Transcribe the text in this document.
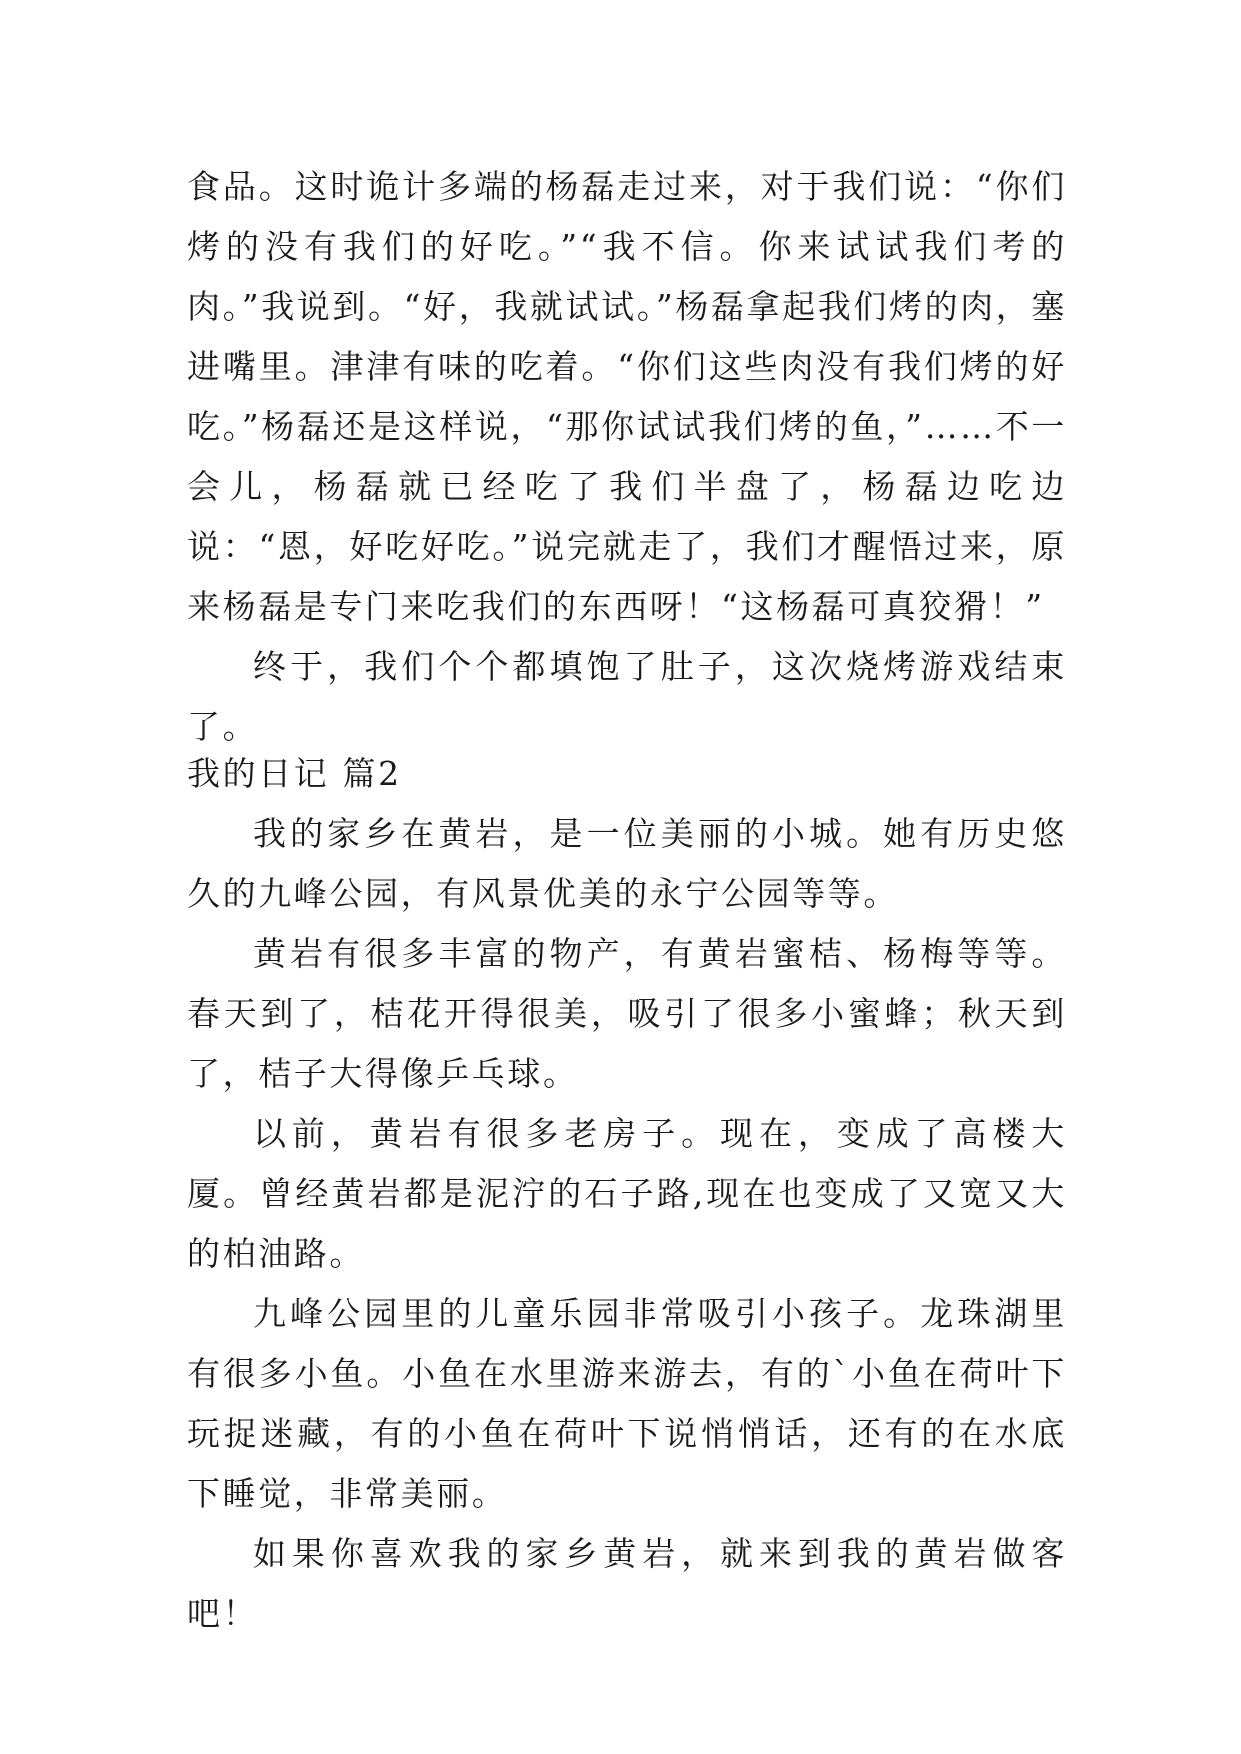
食品。这时诡计多端的杨磊走过来，对于我们说：“你们烤的没有我们的好吃。”“我不信。你来试试我们考的肉。”我说到。“好，我就试试。”杨磊拿起我们烤的肉，塞进嘴里。津津有味的吃着。“你们这些肉没有我们烤的好吃。”杨磊还是这样说，“那你试试我们烤的鱼，”……不一会儿，杨磊就已经吃了我们半盘了，杨磊边吃边说：“恩，好吃好吃。”说完就走了，我们才醒悟过来，原来杨磊是专门来吃我们的东西呀！“这杨磊可真狡猾！”

终于，我们个个都填饱了肚子，这次烧烤游戏结束了。

我的日记 篇2

我的家乡在黄岩，是一位美丽的小城。她有历史悠久的九峰公园，有风景优美的永宁公园等等。

黄岩有很多丰富的物产，有黄岩蜜桔、杨梅等等。春天到了，桔花开得很美，吸引了很多小蜜蜂；秋天到了，桔子大得像乒乓球。

以前，黄岩有很多老房子。现在，变成了高楼大厦。曾经黄岩都是泥泞的石子路,现在也变成了又宽又大的柏油路。

九峰公园里的儿童乐园非常吸引小孩子。龙珠湖里有很多小鱼。小鱼在水里游来游去，有的`小鱼在荷叶下玩捉迷藏，有的小鱼在荷叶下说悄悄话，还有的在水底下睡觉，非常美丽。

如果你喜欢我的家乡黄岩，就来到我的黄岩做客吧！
